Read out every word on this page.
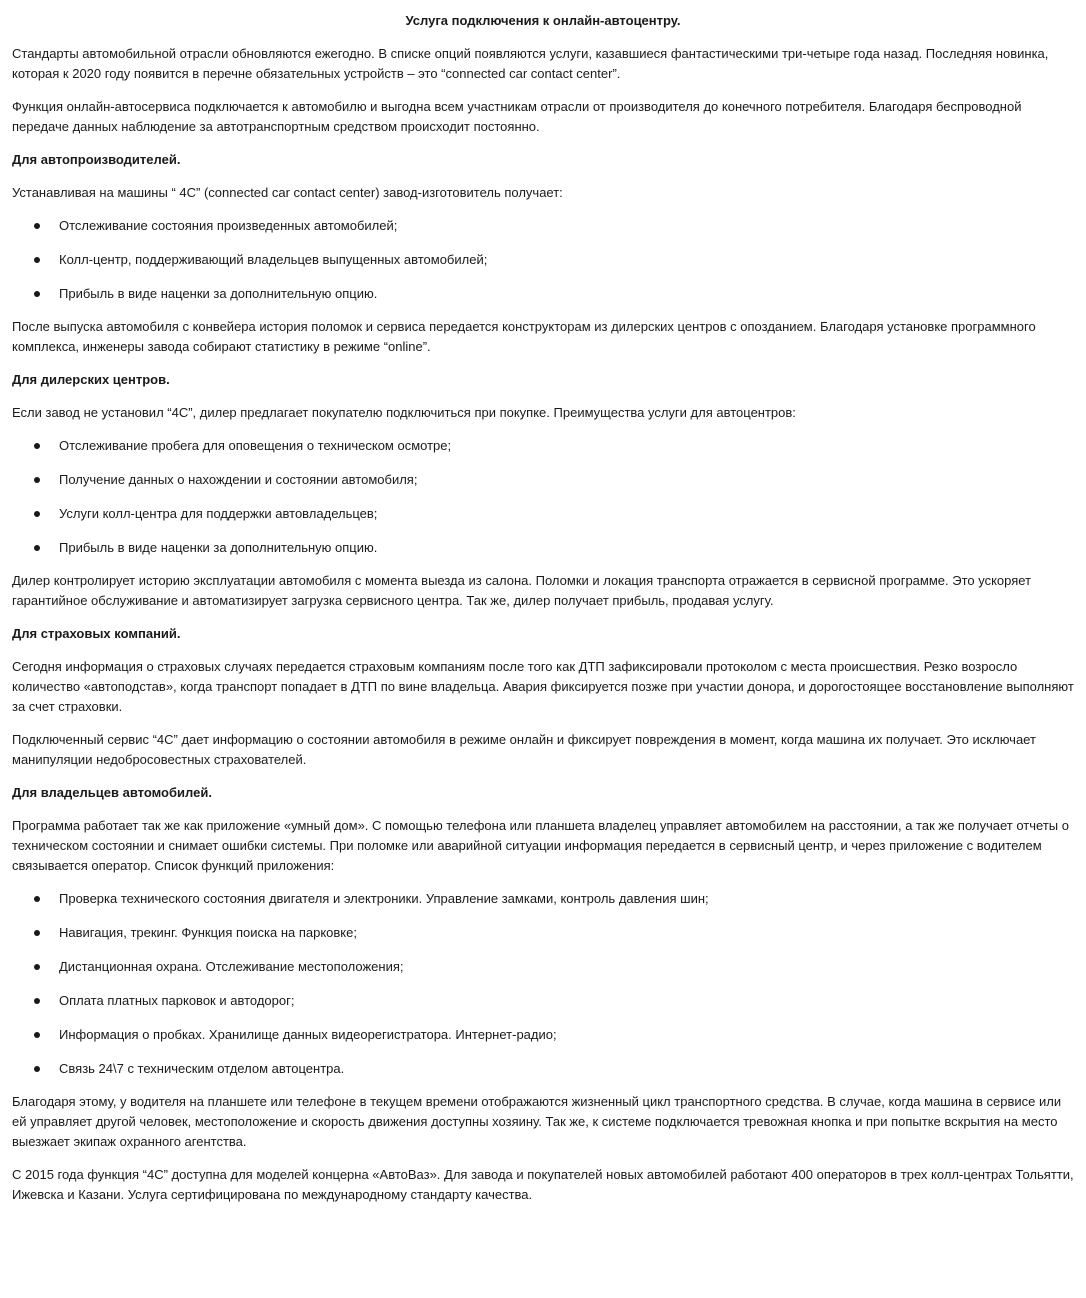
Услуга подключения к онлайн-автоцентру.

Стандарты автомобильной отрасли обновляются ежегодно. В списке опций появляются услуги, казавшиеся фантастическими три-четыре года назад. Последняя новинка, которая к 2020 году появится в перечне обязательных устройств – это “connected car contact center”.

Функция онлайн-автосервиса подключается к автомобилю и выгодна всем участникам отрасли от производителя до конечного потребителя. Благодаря беспроводной передаче данных наблюдение за автотранспортным средством происходит постоянно.

Для автопроизводителей.

Устанавливая на машины “ 4С” (connected car contact center) завод-изготовитель получает:

Отслеживание состояния произведенных автомобилей;
Колл-центр, поддерживающий владельцев выпущенных автомобилей;
Прибыль в виде наценки за дополнительную опцию.

После выпуска автомобиля с конвейера история поломок и сервиса передается конструкторам из дилерских центров с опозданием. Благодаря установке программного комплекса, инженеры завода собирают статистику в режиме “online”.

Для дилерских центров.

Если завод не установил “4С”, дилер предлагает покупателю подключиться при покупке. Преимущества услуги для автоцентров:

Отслеживание пробега для оповещения о техническом осмотре;
Получение данных о нахождении и состоянии автомобиля;
Услуги колл-центра для поддержки автовладельцев;
Прибыль в виде наценки за дополнительную опцию.

Дилер контролирует историю эксплуатации автомобиля с момента выезда из салона. Поломки и локация транспорта отражается в сервисной программе. Это ускоряет гарантийное обслуживание и автоматизирует загрузка сервисного центра. Так же, дилер получает прибыль, продавая услугу.

Для страховых компаний.

Сегодня информация о страховых случаях передается страховым компаниям после того как ДТП зафиксировали протоколом с места происшествия. Резко возросло количество «автоподстав», когда транспорт попадает в ДТП по вине владельца. Авария фиксируется позже при участии донора, и дорогостоящее восстановление выполняют за счет страховки.

Подключенный сервис “4С” дает информацию о состоянии автомобиля в режиме онлайн и фиксирует повреждения в момент, когда машина их получает. Это исключает манипуляции недобросовестных страхователей.

Для владельцев автомобилей.

Программа работает так же как приложение «умный дом». С помощью телефона или планшета владелец управляет автомобилем на расстоянии, а так же получает отчеты о техническом состоянии и снимает ошибки системы. При поломке или аварийной ситуации информация передается в сервисный центр, и через приложение с водителем связывается оператор. Список функций приложения:

Проверка технического состояния двигателя и электроники. Управление замками, контроль давления шин;
Навигация, трекинг. Функция поиска на парковке;
Дистанционная охрана. Отслеживание местоположения;
Оплата платных парковок и автодорог;
Информация о пробках. Хранилище данных видеорегистратора. Интернет-радио;
Связь 24\7 с техническим отделом автоцентра.

Благодаря этому, у водителя на планшете или телефоне в текущем времени отображаются жизненный цикл транспортного средства. В случае, когда машина в сервисе или ей управляет другой человек, местоположение и скорость движения доступны хозяину. Так же, к системе подключается тревожная кнопка и при попытке вскрытия на место выезжает экипаж охранного агентства.

С 2015 года функция “4С” доступна для моделей концерна «АвтоВаз». Для завода и покупателей новых автомобилей работают 400 операторов в трех колл-центрах Тольятти, Ижевска и Казани. Услуга сертифицирована по международному стандарту качества.
